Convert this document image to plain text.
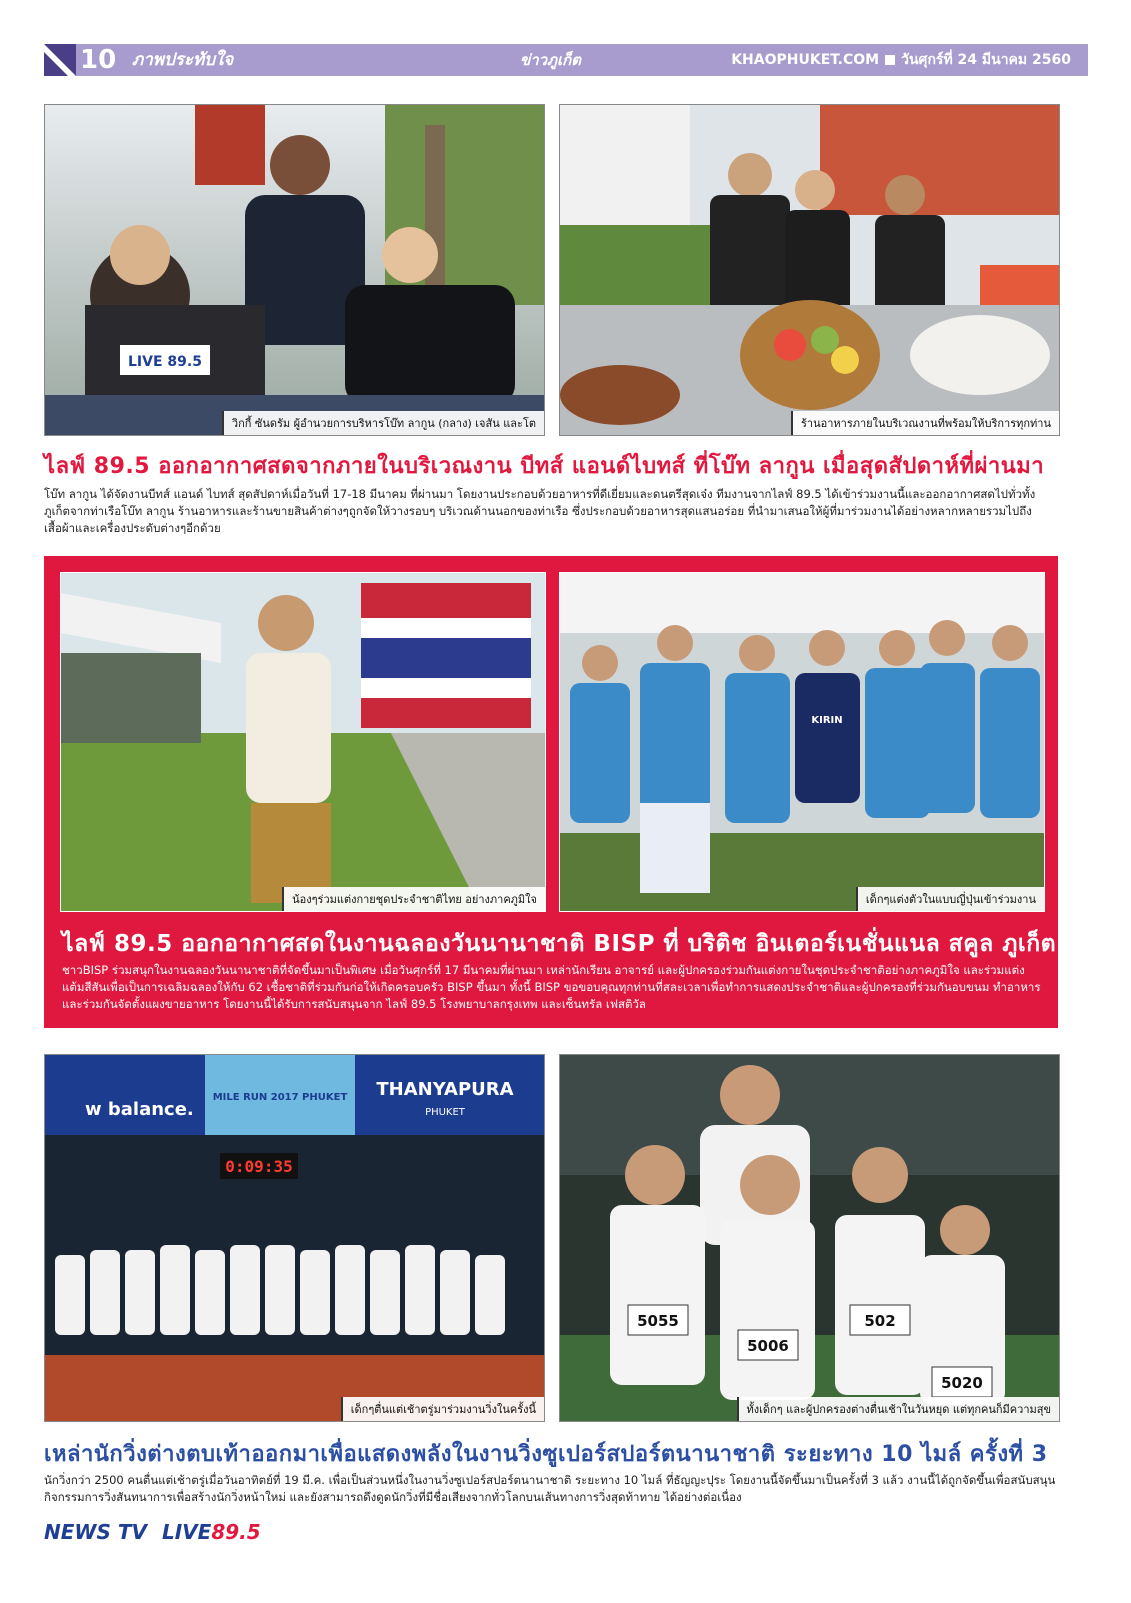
10 ภาพประทับใจ	ข่าวภูเก็ต	KHAOPHUKET.COM วันศุกร์ที่ 24 มีนาคม 2560
LIVE 89.5
วิกกี้ ซันดรัม ผู้อำนวยการบริหารโบ๊ท ลากูน (กลาง) เจสัน และโต	ร้านอาหารภายในบริเวณงานที่พร้อมให้บริการทุกท่าน
ไลฟ์ 89.5 ออกอากาศสดจากภายในบริเวณงาน บีทส์ แอนด์ไบทส์ ที่โบ๊ท ลากูน เมื่อสุดสัปดาห์ที่ผ่านมา
โบ๊ท ลากูน ได้จัดงานบีทส์ แอนด์ ไบทส์ สุดสัปดาห์เมื่อวันที่ 17-18 มีนาคม ที่ผ่านมา โดยงานประกอบด้วยอาหารที่ดีเยี่ยมและดนตรีสุดเจ๋ง ทีมงานจากไลฟ์ 89.5 ได้เข้าร่วมงานนี้และออกอากาศสดไปทั่วทั้งภูเก็ตจากท่าเรือโบ๊ท ลากูน ร้านอาหารและร้านขายสินค้าต่างๆถูกจัดให้วางรอบๆ บริเวณด้านนอกของท่าเรือ ซึ่งประกอบด้วยอาหารสุดแสนอร่อย ที่นำมาเสนอให้ผู้ที่มาร่วมงานได้อย่างหลากหลายรวมไปถึงเสื้อผ้าและเครื่องประดับต่างๆอีกด้วย
น้องๆร่วมแต่งกายชุดประจำชาติไทย อย่างภาคภูมิใจ
KIRIN
เด็กๆแต่งตัวในแบบญี่ปุ่นเข้าร่วมงาน
ไลฟ์ 89.5 ออกอากาศสดในงานฉลองวันนานาชาติ BISP ที่ บริติช อินเตอร์เนชั่นแนล สคูล ภูเก็ต
ชาวBISP ร่วมสนุกในงานฉลองวันนานาชาติที่จัดขึ้นมาเป็นพิเศษ เมื่อวันศุกร์ที่ 17 มีนาคมที่ผ่านมา เหล่านักเรียน อาจารย์ และผู้ปกครองร่วมกันแต่งกายในชุดประจำชาติอย่างภาคภูมิใจ และร่วมแต่งแต้มสีสันเพื่อเป็นการเฉลิมฉลองให้กับ 62 เชื้อชาติที่ร่วมกันก่อให้เกิดครอบครัว BISP ขึ้นมา ทั้งนี้ BISP ขอขอบคุณทุกท่านที่สละเวลาเพื่อทำการแสดงประจำชาติและผู้ปกครองที่ร่วมกันอบขนม ทำอาหารและร่วมกันจัดตั้งแผงขายอาหาร โดยงานนี้ได้รับการสนับสนุนจาก ไลฟ์ 89.5 โรงพยาบาลกรุงเทพ และเซ็นทรัล เฟสติวัล
w balance.
MILE RUN 2017 PHUKET THANYAPURA
PHUKET
0:09:35
เด็กๆตื่นแต่เช้าตรู่มาร่วมงานวิ่งในครั้งนี้
5055
5006
502
5020
ทั้งเด็กๆ และผู้ปกครองต่างตื่นเช้าในวันหยุด แต่ทุกคนก็มีความสุข
เหล่านักวิ่งต่างตบเท้าออกมาเพื่อแสดงพลังในงานวิ่งซูเปอร์สปอร์ตนานาชาติ ระยะทาง 10 ไมล์ ครั้งที่ 3
นักวิ่งกว่า 2500 คนตื่นแต่เช้าตรู่เมื่อวันอาทิตย์ที่ 19 มี.ค. เพื่อเป็นส่วนหนึ่งในงานวิ่งซูเปอร์สปอร์ตนานาชาติ ระยะทาง 10 ไมล์ ที่ธัญญะปุระ โดยงานนี้จัดขึ้นมาเป็นครั้งที่ 3 แล้ว งานนี้ได้ถูกจัดขึ้นเพื่อสนับสนุนกิจกรรมการวิ่งสันทนาการเพื่อสร้างนักวิ่งหน้าใหม่ และยังสามารถดึงดูดนักวิ่งที่มีชื่อเสียงจากทั่วโลกบนเส้นทางการวิ่งสุดท้าทาย ได้อย่างต่อเนื่อง
NEWS TV LIVE89.5
